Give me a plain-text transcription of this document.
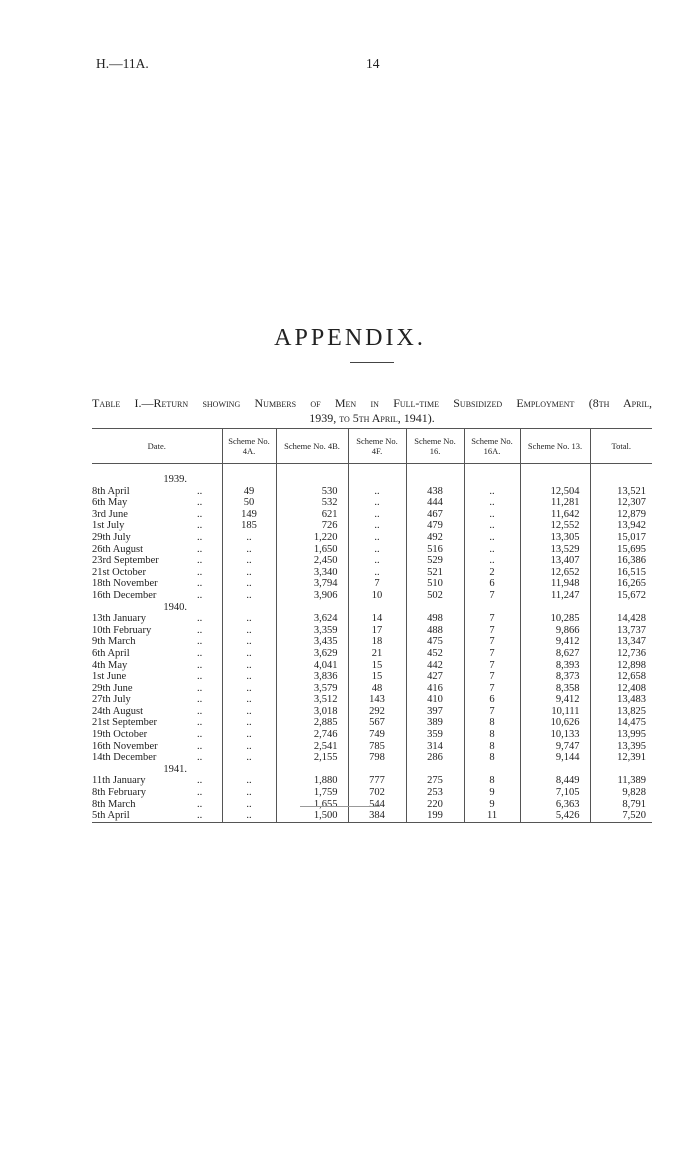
H.—11A.	14
APPENDIX.
Table I.—Return showing Numbers of Men in Full-time Subsidized Employment (8th April,
1939, to 5th April, 1941).
Date.		Scheme No. 4A.	Scheme No. 4B.	Scheme No. 4F.	Scheme No. 16.	Scheme No. 16A.	Scheme No. 13.	Total.

1939.								
8th April	..	49	530	..	438	..	12,504	13,521
6th May	..	50	532	..	444	..	11,281	12,307
3rd June	..	149	621	..	467	..	11,642	12,879
1st July	..	185	726	..	479	..	12,552	13,942
29th July	..	..	1,220	..	492	..	13,305	15,017
26th August	..	..	1,650	..	516	..	13,529	15,695
23rd September	..	..	2,450	..	529	..	13,407	16,386
21st October	..	..	3,340	..	521	2	12,652	16,515
18th November	..	..	3,794	7	510	6	11,948	16,265
16th December	..	..	3,906	10	502	7	11,247	15,672
1940.								
13th January	..	..	3,624	14	498	7	10,285	14,428
10th February	..	..	3,359	17	488	7	9,866	13,737
9th March	..	..	3,435	18	475	7	9,412	13,347
6th April	..	..	3,629	21	452	7	8,627	12,736
4th May	..	..	4,041	15	442	7	8,393	12,898
1st June	..	..	3,836	15	427	7	8,373	12,658
29th June	..	..	3,579	48	416	7	8,358	12,408
27th July	..	..	3,512	143	410	6	9,412	13,483
24th August	..	..	3,018	292	397	7	10,111	13,825
21st September	..	..	2,885	567	389	8	10,626	14,475
19th October	..	..	2,746	749	359	8	10,133	13,995
16th November	..	..	2,541	785	314	8	9,747	13,395
14th December	..	..	2,155	798	286	8	9,144	12,391
1941.								
11th January	..	..	1,880	777	275	8	8,449	11,389
8th February	..	..	1,759	702	253	9	7,105	9,828
8th March	..	..	1,655	544	220	9	6,363	8,791
5th April	..	..	1,500	384	199	11	5,426	7,520
